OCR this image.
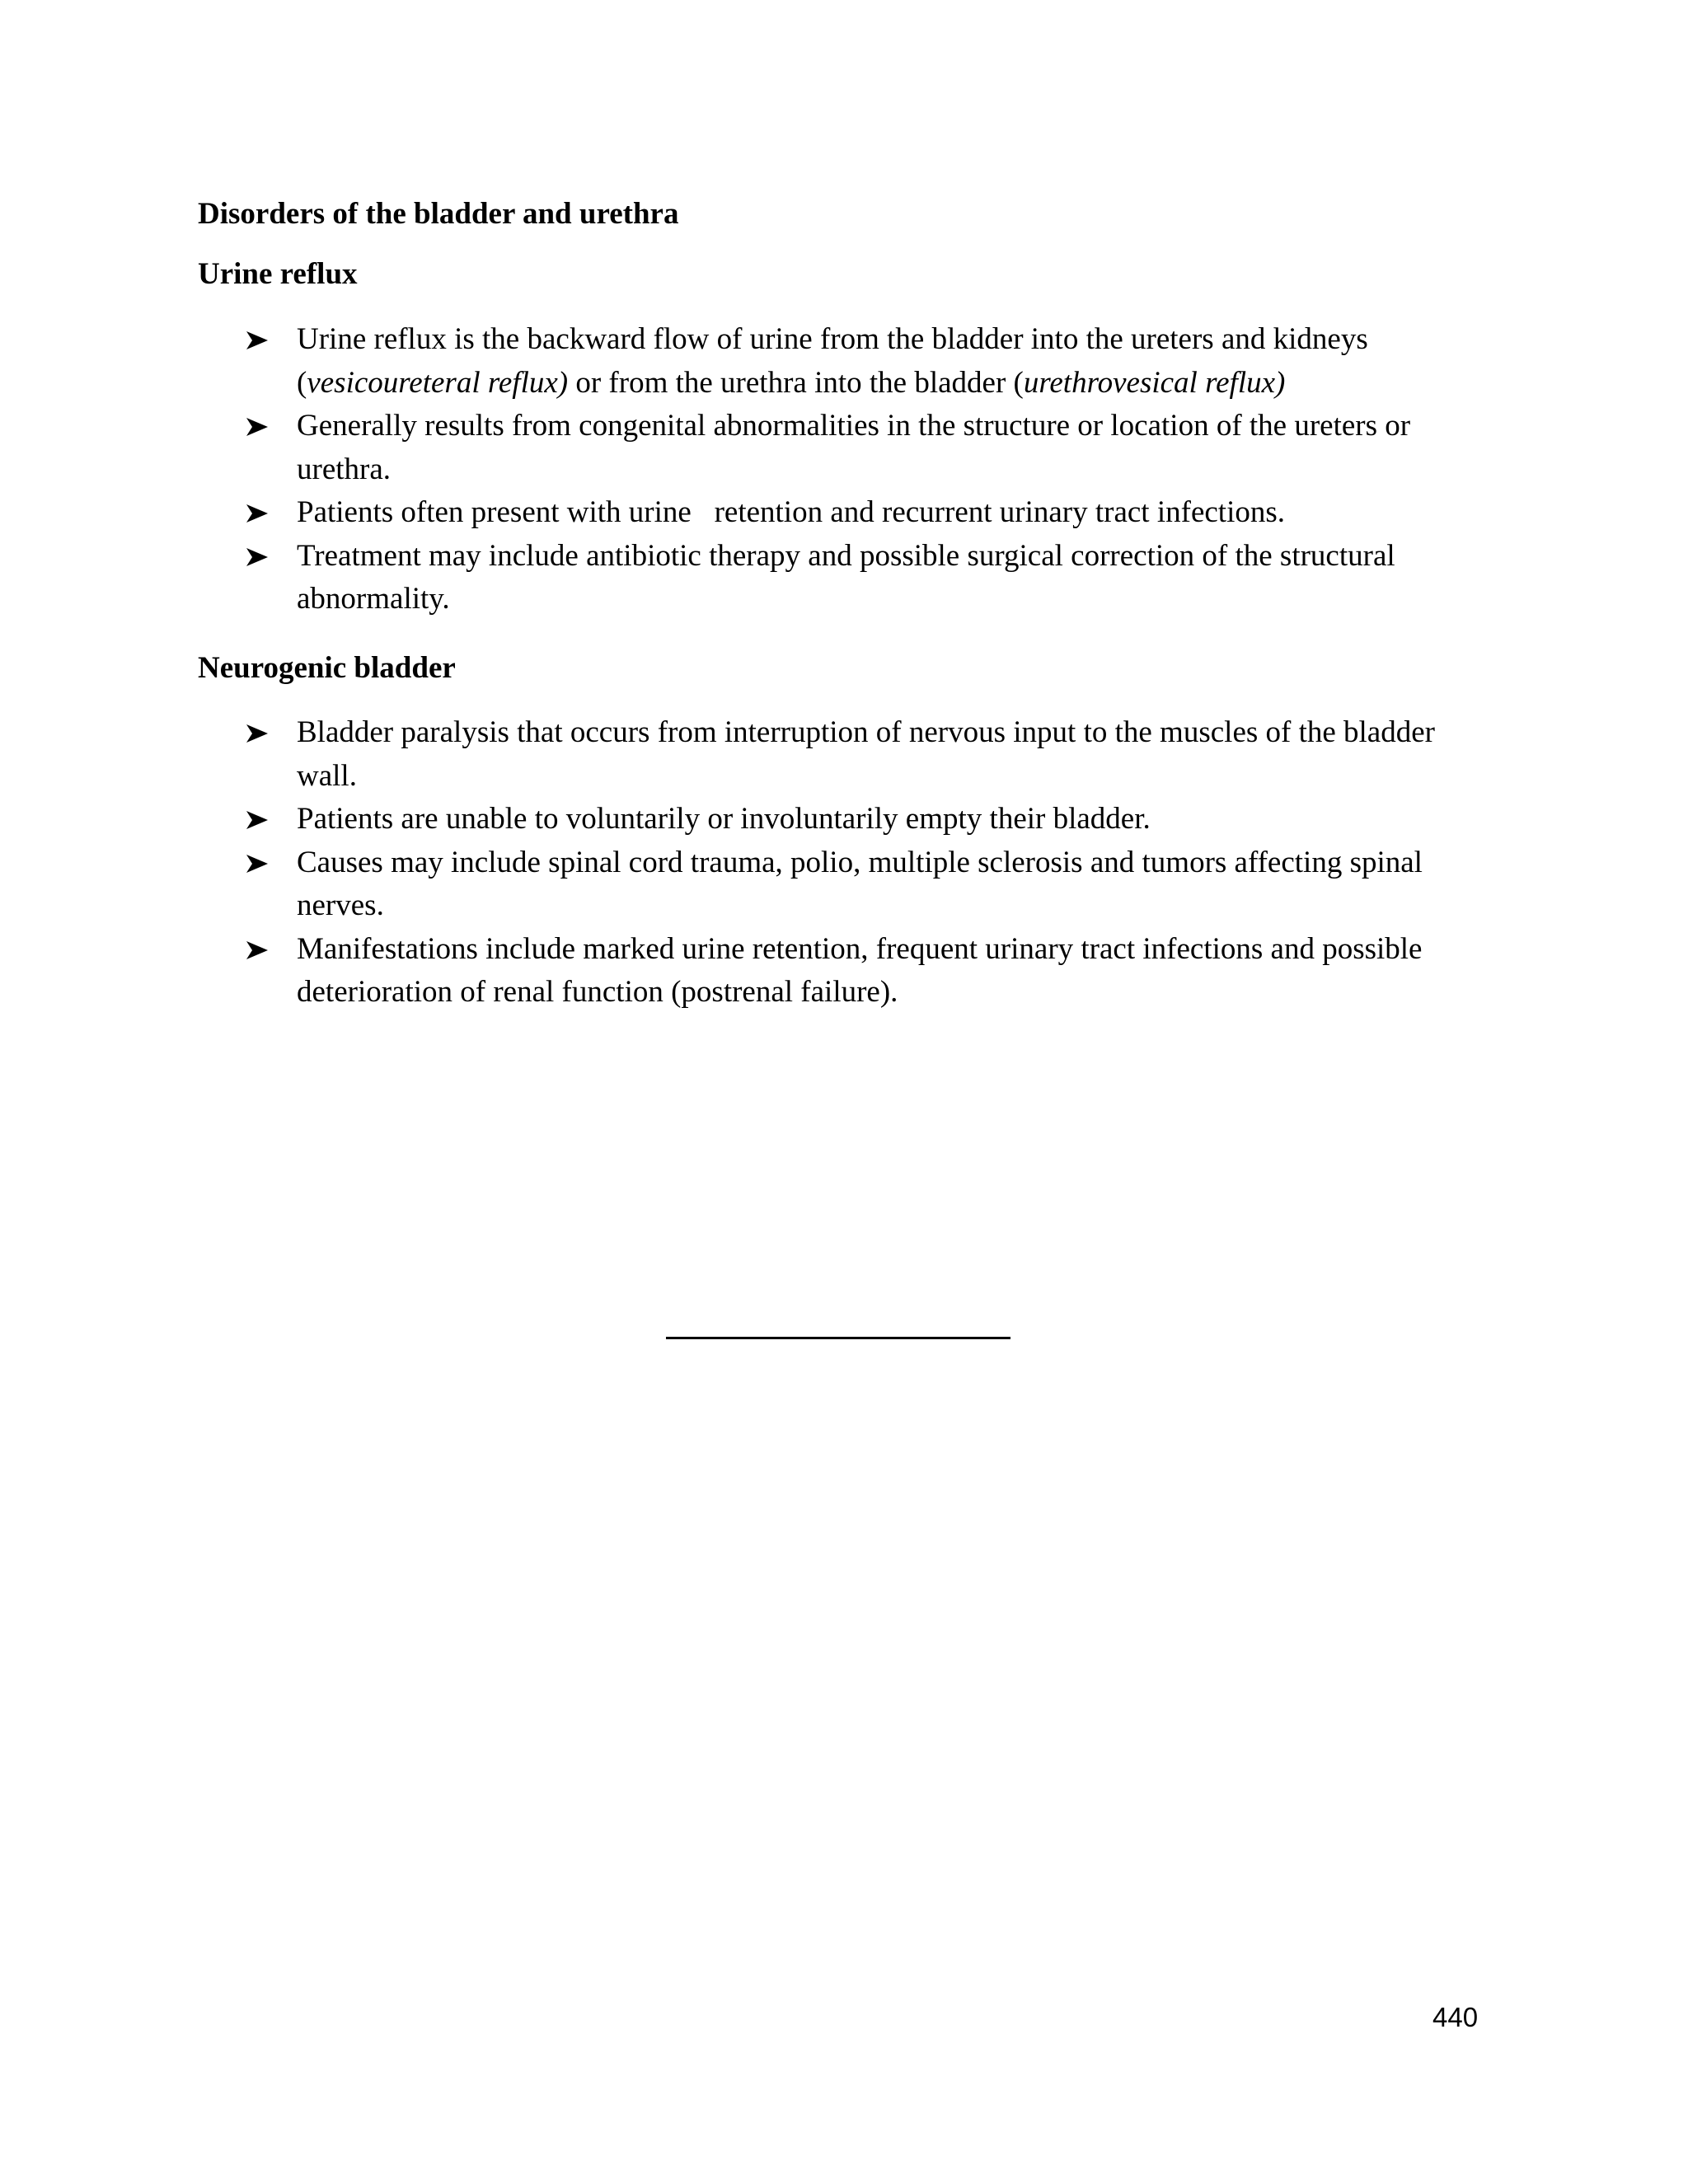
Disorders of the bladder and urethra
Urine reflux
Urine reflux is the backward flow of urine from the bladder into the ureters and kidneys (vesicoureteral reflux) or from the urethra into the bladder (urethrovesical reflux)
Generally results from congenital abnormalities in the structure or location of the ureters or urethra.
Patients often present with urine   retention and recurrent urinary tract infections.
Treatment may include antibiotic therapy and possible surgical correction of the structural abnormality.
Neurogenic bladder
Bladder paralysis that occurs from interruption of nervous input to the muscles of the bladder wall.
Patients are unable to voluntarily or involuntarily empty their bladder.
Causes may include spinal cord trauma, polio, multiple sclerosis and tumors affecting spinal nerves.
Manifestations include marked urine retention, frequent urinary tract infections and possible deterioration of renal function (postrenal failure).
440
